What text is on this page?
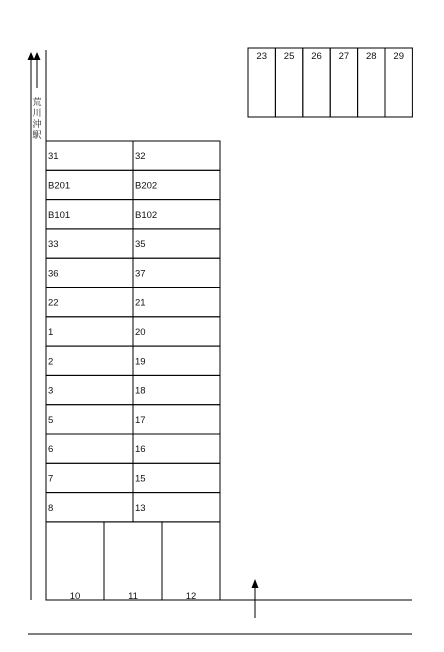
荒
川
沖
駅
23 25 26 27 28 29
31	32
B201	B202
B101	B102
33	35
36	37
22	21
1	20
2	19
3	18
5	17
6	16
7	15
8	13
10	11	12
